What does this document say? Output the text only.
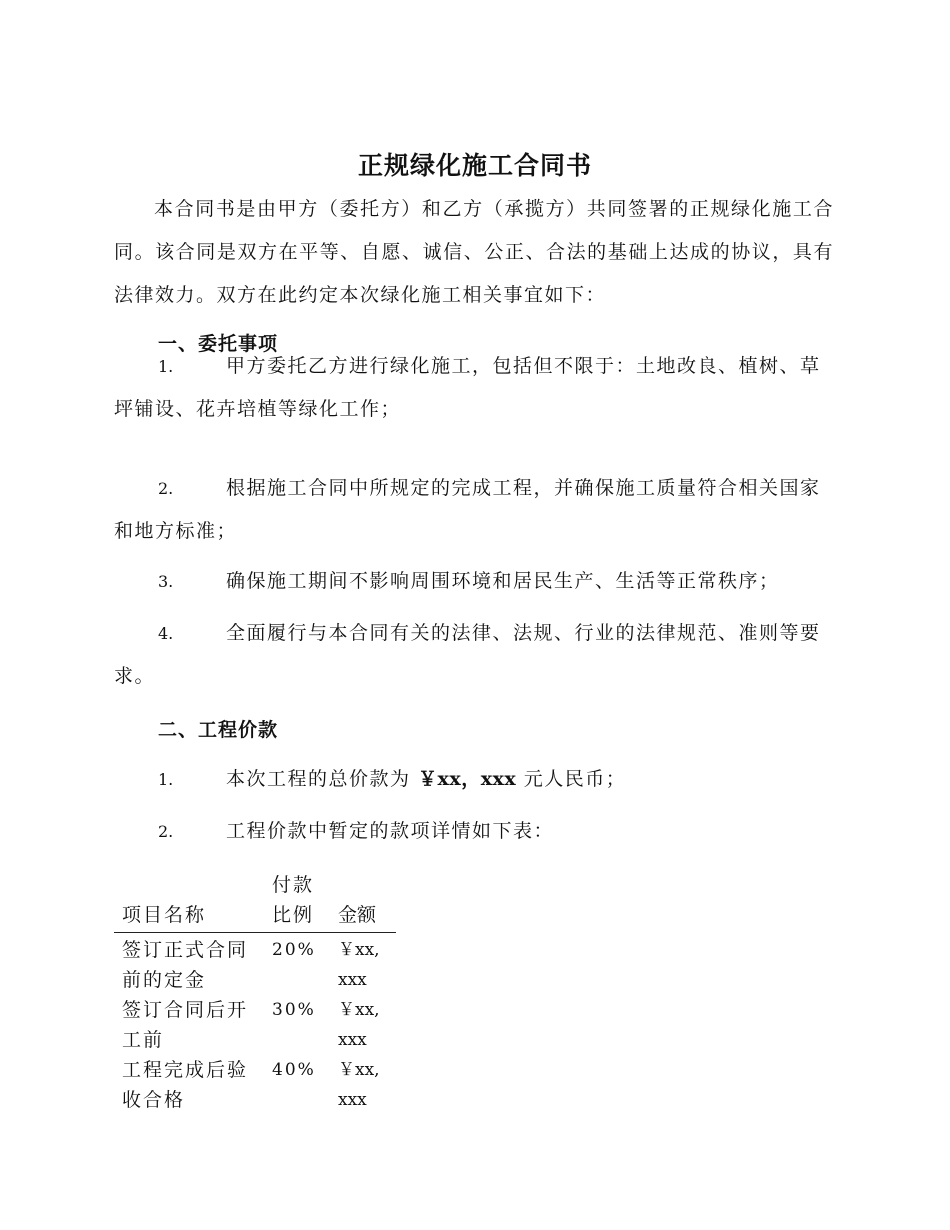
正规绿化施工合同书
本合同书是由甲方（委托方）和乙方（承揽方）共同签署的正规绿化施工合同。该合同是双方在平等、自愿、诚信、公正、合法的基础上达成的协议，具有法律效力。双方在此约定本次绿化施工相关事宜如下：
一、委托事项
1.	甲方委托乙方进行绿化施工，包括但不限于：土地改良、植树、草坪铺设、花卉培植等绿化工作；
2.	根据施工合同中所规定的完成工程，并确保施工质量符合相关国家和地方标准；
3.	确保施工期间不影响周围环境和居民生产、生活等正常秩序；
4.	全面履行与本合同有关的法律、法规、行业的法律规范、准则等要求。
二、工程价款
1.	本次工程的总价款为 ￥xx，xxx 元人民币；
2.	工程价款中暂定的款项详情如下表：
项目名称	付款比例	金额
签订正式合同前的定金	20%	￥xx,xxx
签订合同后开工前	30%	￥xx,xxx
工程完成后验收合格	40%	￥xx,xxx
